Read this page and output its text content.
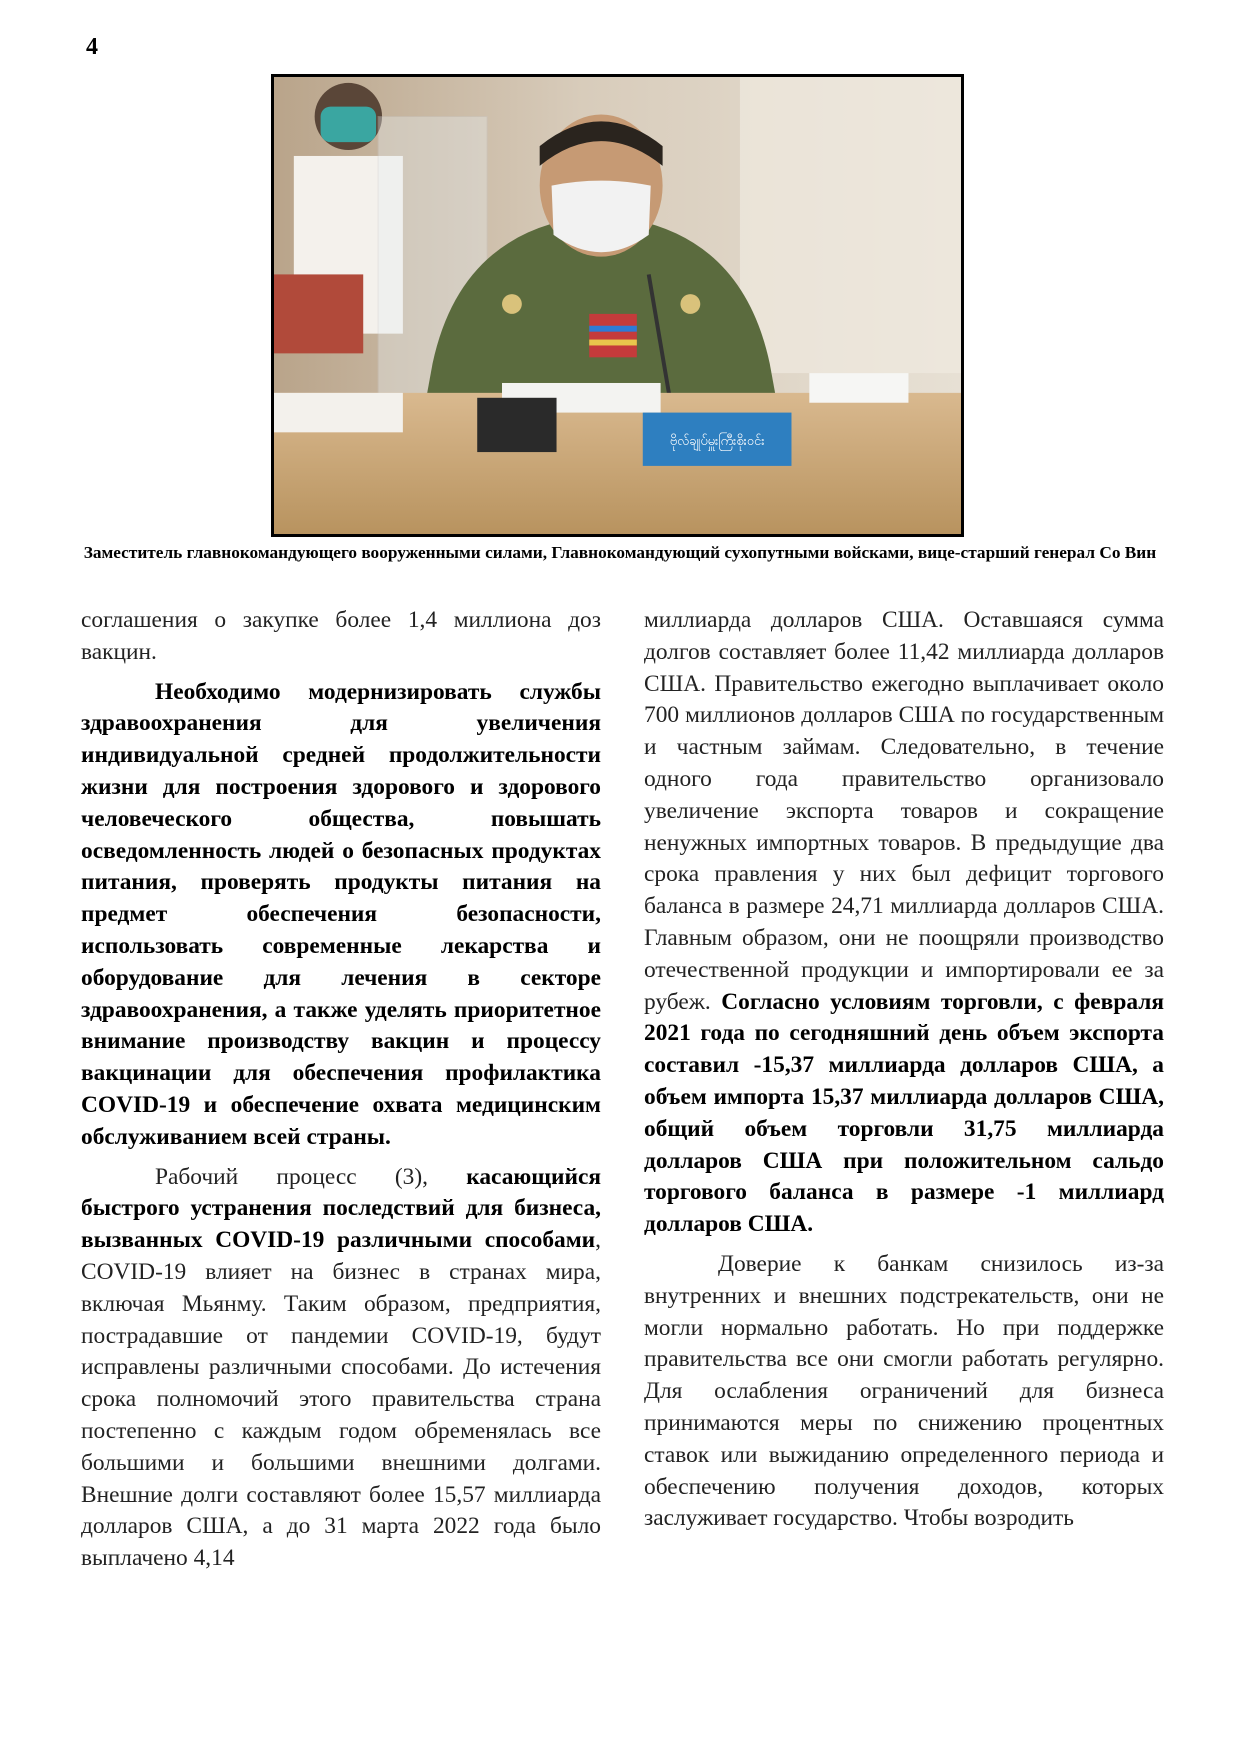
4
ဗိုလ်ချုပ်မှူးကြီးစိုးဝင်း
Заместитель главнокомандующего вооруженными силами, Главнокомандующий сухопутными войсками, вице-старший генерал Со Вин

соглашения о закупке более 1,4 миллиона доз вакцин.

Необходимо модернизировать службы здравоохранения для увеличения индивидуальной средней продолжительности жизни для построения здорового и здорового человеческого общества, повышать осведомленность людей о безопасных продуктах питания, проверять продукты питания на предмет обеспечения безопасности, использовать современные лекарства и оборудование для лечения в секторе здравоохранения, а также уделять приоритетное внимание производству вакцин и процессу вакцинации для обеспечения профилактика COVID-19 и обеспечение охвата медицинским обслуживанием всей страны.

Рабочий процесс (3), касающийся быстрого устранения последствий для бизнеса, вызванных COVID-19 различными способами, COVID-19 влияет на бизнес в странах мира, включая Мьянму. Таким образом, предприятия, пострадавшие от пандемии COVID-19, будут исправлены различными способами. До истечения срока полномочий этого правительства страна постепенно с каждым годом обременялась все большими и большими внешними долгами. Внешние долги составляют более 15,57 миллиарда долларов США, а до 31 марта 2022 года было выплачено 4,14

миллиарда долларов США. Оставшаяся сумма долгов составляет более 11,42 миллиарда долларов США. Правительство ежегодно выплачивает около 700 миллионов долларов США по государственным и частным займам. Следовательно, в течение одного года правительство организовало увеличение экспорта товаров и сокращение ненужных импортных товаров. В предыдущие два срока правления у них был дефицит торгового баланса в размере 24,71 миллиарда долларов США. Главным образом, они не поощряли производство отечественной продукции и импортировали ее за рубеж. Согласно условиям торговли, с февраля 2021 года по сегодняшний день объем экспорта составил -15,37 миллиарда долларов США, а объем импорта 15,37 миллиарда долларов США, общий объем торговли 31,75 миллиарда долларов США при положительном сальдо торгового баланса в размере -1 миллиард долларов США.

Доверие к банкам снизилось из-за внутренних и внешних подстрекательств, они не могли нормально работать. Но при поддержке правительства все они смогли работать регулярно. Для ослабления ограничений для бизнеса принимаются меры по снижению процентных ставок или выжиданию определенного периода и обеспечению получения доходов, которых заслуживает государство. Чтобы возродить
